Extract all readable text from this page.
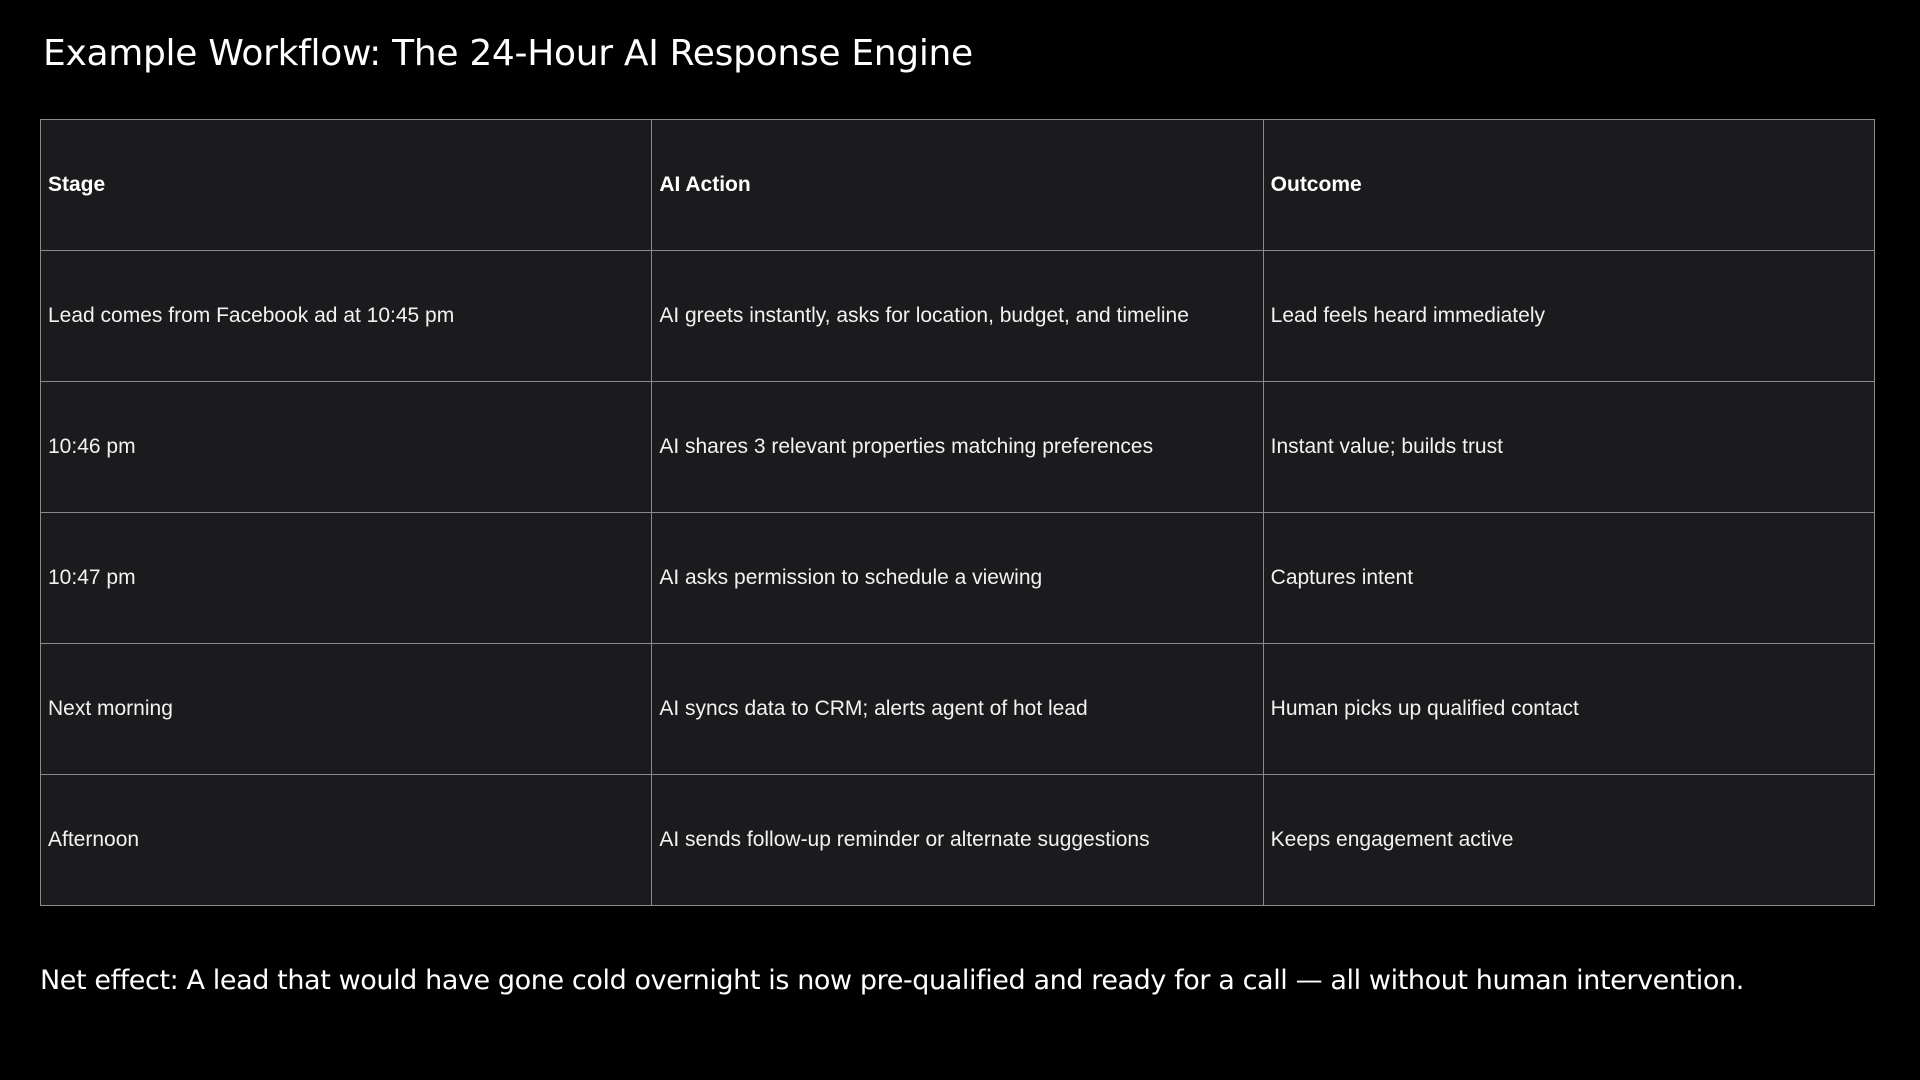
Example Workflow: The 24-Hour AI Response Engine
Stage	AI Action	Outcome
Lead comes from Facebook ad at 10:45 pm	AI greets instantly, asks for location, budget, and timeline	Lead feels heard immediately
10:46 pm	AI shares 3 relevant properties matching preferences	Instant value; builds trust
10:47 pm	AI asks permission to schedule a viewing	Captures intent
Next morning	AI syncs data to CRM; alerts agent of hot lead	Human picks up qualified contact
Afternoon	AI sends follow-up reminder or alternate suggestions	Keeps engagement active

Net effect: A lead that would have gone cold overnight is now pre-qualified and ready for a call — all without human intervention.
